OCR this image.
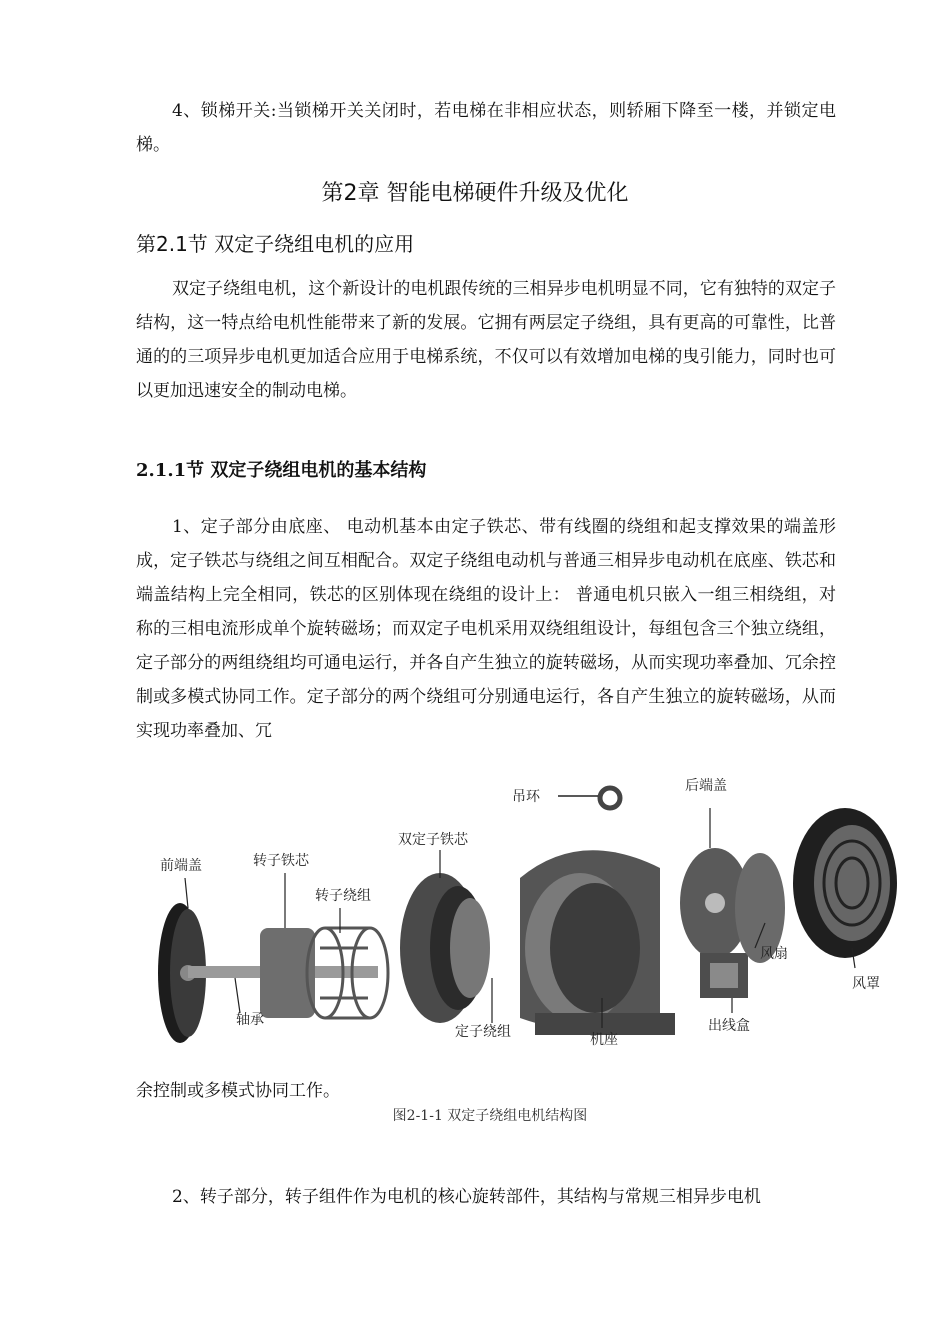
4、锁梯开关:当锁梯开关关闭时，若电梯在非相应状态，则轿厢下降至一楼，并锁定电梯。

第2章 智能电梯硬件升级及优化
第2.1节 双定子绕组电机的应用

双定子绕组电机，这个新设计的电机跟传统的三相异步电机明显不同，它有独特的双定子结构，这一特点给电机性能带来了新的发展。它拥有两层定子绕组，具有更高的可靠性，比普通的的三项异步电机更加适合应用于电梯系统，不仅可以有效增加电梯的曳引能力，同时也可以更加迅速安全的制动电梯。

2.1.1节 双定子绕组电机的基本结构

1、定子部分由底座、 电动机基本由定子铁芯、带有线圈的绕组和起支撑效果的端盖形成，定子铁芯与绕组之间互相配合。双定子绕组电动机与普通三相异步电动机在底座、铁芯和端盖结构上完全相同，铁芯的区别体现在绕组的设计上： 普通电机只嵌入一组三相绕组，对称的三相电流形成单个旋转磁场；而双定子电机采用双绕组组设计，每组包含三个独立绕组，定子部分的两组绕组均可通电运行，并各自产生独立的旋转磁场，从而实现功率叠加、冗余控制或多模式协同工作。定子部分的两个绕组可分别通电运行，各自产生独立的旋转磁场，从而实现功率叠加、冗

前端盖	转子铁芯
转子绕组
轴承
双定子铁芯
定子绕组
吊环
机座
后端盖
风扇
出线盒
风罩

余控制或多模式协同工作。

图2-1-1 双定子绕组电机结构图

2、转子部分，转子组件作为电机的核心旋转部件，其结构与常规三相异步电机
